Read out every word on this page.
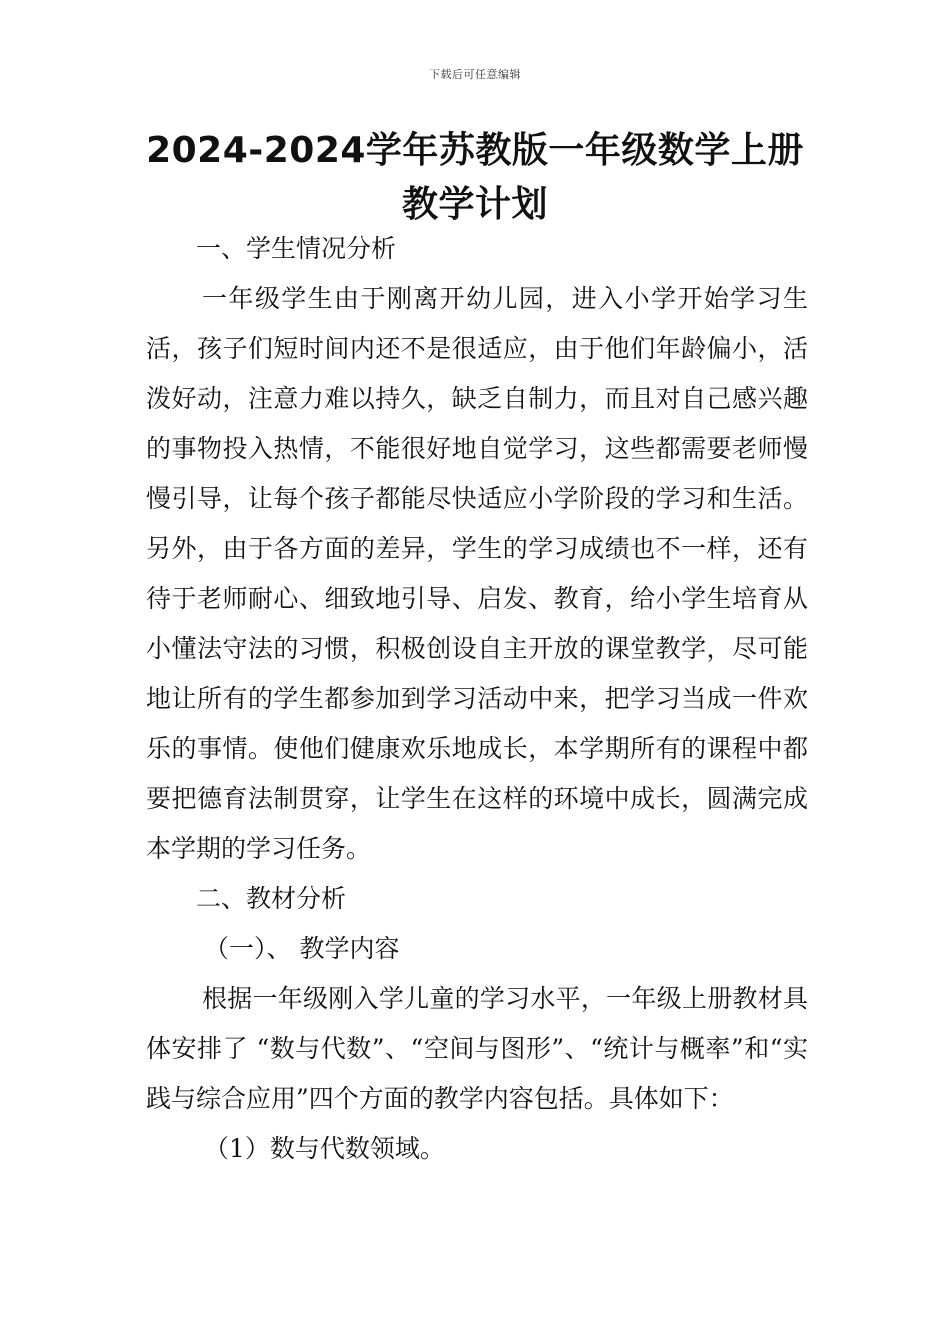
下载后可任意编辑
2024-2024学年苏教版一年级数学上册教学计划

一、学生情况分析

一年级学生由于刚离开幼儿园，进入小学开始学习生活，孩子们短时间内还不是很适应，由于他们年龄偏小，活泼好动，注意力难以持久，缺乏自制力，而且对自己感兴趣的事物投入热情，不能很好地自觉学习，这些都需要老师慢慢引导，让每个孩子都能尽快适应小学阶段的学习和生活。另外，由于各方面的差异，学生的学习成绩也不一样，还有待于老师耐心、细致地引导、启发、教育，给小学生培育从小懂法守法的习惯，积极创设自主开放的课堂教学，尽可能地让所有的学生都参加到学习活动中来，把学习当成一件欢乐的事情。使他们健康欢乐地成长，本学期所有的课程中都要把德育法制贯穿，让学生在这样的环境中成长，圆满完成本学期的学习任务。

二、教材分析

（一）、 教学内容

根据一年级刚入学儿童的学习水平，一年级上册教材具体安排了 “数与代数”、“空间与图形”、“统计与概率”和“实践与综合应用”四个方面的教学内容包括。具体如下：

（1）数与代数领域。
